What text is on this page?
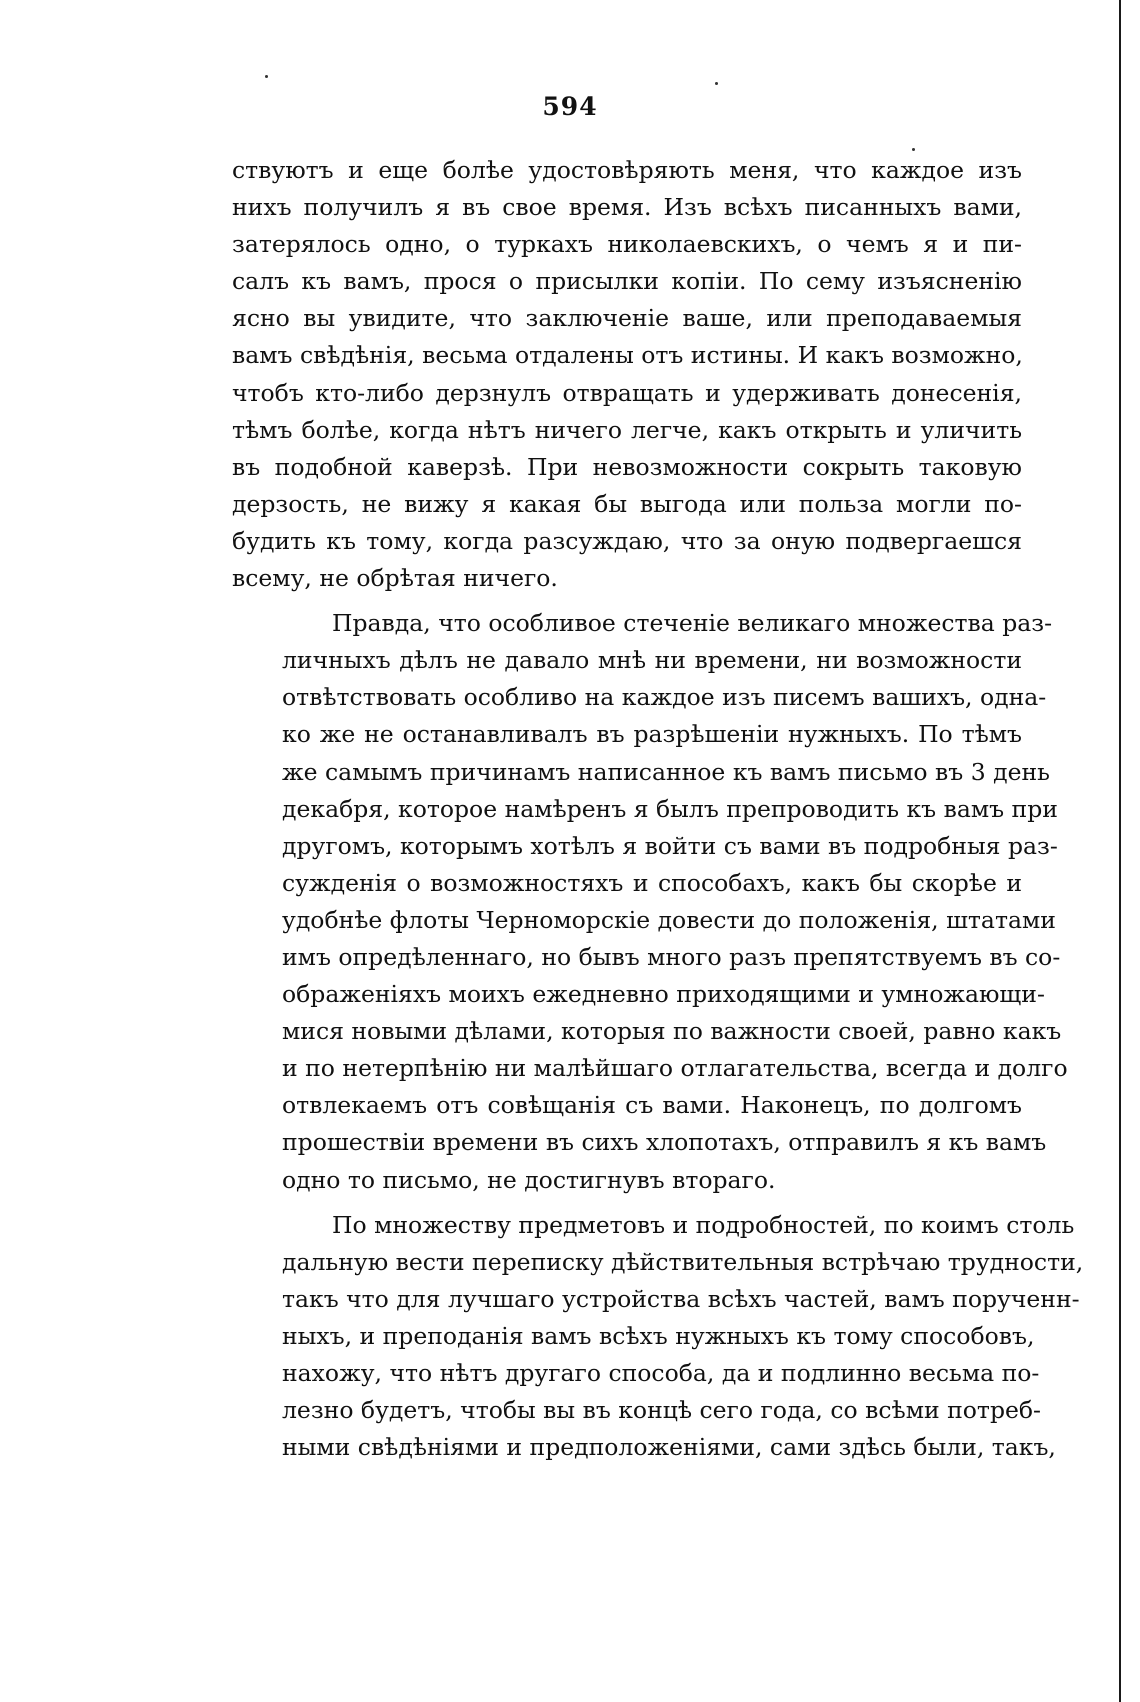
594
ствуютъ и еще болѣе удостовѣряють меня, что каждое изъ
нихъ получилъ я въ свое время. Изъ всѣхъ писанныхъ вами,
затерялось одно, о туркахъ николаевскихъ, о чемъ я и пи-
салъ къ вамъ, прося о присылки копіи. По сему изъясненію
ясно вы увидите, что заключеніе ваше, или преподаваемыя
вамъ свѣдѣнія, весьма отдалены отъ истины. И какъ возможно,
чтобъ кто-либо дерзнулъ отвращать и удерживать донесенія,
тѣмъ болѣе, когда нѣтъ ничего легче, какъ открыть и уличить
въ подобной каверзѣ. При невозможности сокрыть таковую
дерзость, не вижу я какая бы выгода или польза могли по-
будить къ тому, когда разсуждаю, что за оную подвергаешся
всему, не обрѣтая ничего.
Правда, что особливое стеченіе великаго множества раз-
личныхъ дѣлъ не давало мнѣ ни времени, ни возможности
отвѣтствовать особливо на каждое изъ писемъ вашихъ, одна-
ко же не останавливалъ въ разрѣшеніи нужныхъ. По тѣмъ
же самымъ причинамъ написанное къ вамъ письмо въ 3 день
декабря, которое намѣренъ я былъ препроводить къ вамъ при
другомъ, которымъ хотѣлъ я войти съ вами въ подробныя раз-
сужденія о возможностяхъ и способахъ, какъ бы скорѣе и
удобнѣе флоты Черноморскіе довести до положенія, штатами
имъ опредѣленнаго, но бывъ много разъ препятствуемъ въ со-
ображеніяхъ моихъ ежедневно приходящими и умножающи-
мися новыми дѣлами, которыя по важности своей, равно какъ
и по нетерпѣнію ни малѣйшаго отлагательства, всегда и долго
отвлекаемъ отъ совѣщанія съ вами. Наконецъ, по долгомъ
прошествіи времени въ сихъ хлопотахъ, отправилъ я къ вамъ
одно то письмо, не достигнувъ втораго.
По множеству предметовъ и подробностей, по коимъ столь
дальную вести переписку дѣйствительныя встрѣчаю трудности,
такъ что для лучшаго устройства всѣхъ частей, вамъ порученн-
ныхъ, и преподанія вамъ всѣхъ нужныхъ къ тому способовъ,
нахожу, что нѣтъ другаго способа, да и подлинно весьма по-
лезно будетъ, чтобы вы въ концѣ сего года, со всѣми потреб-
ными свѣдѣніями и предположеніями, сами здѣсь были, такъ,
